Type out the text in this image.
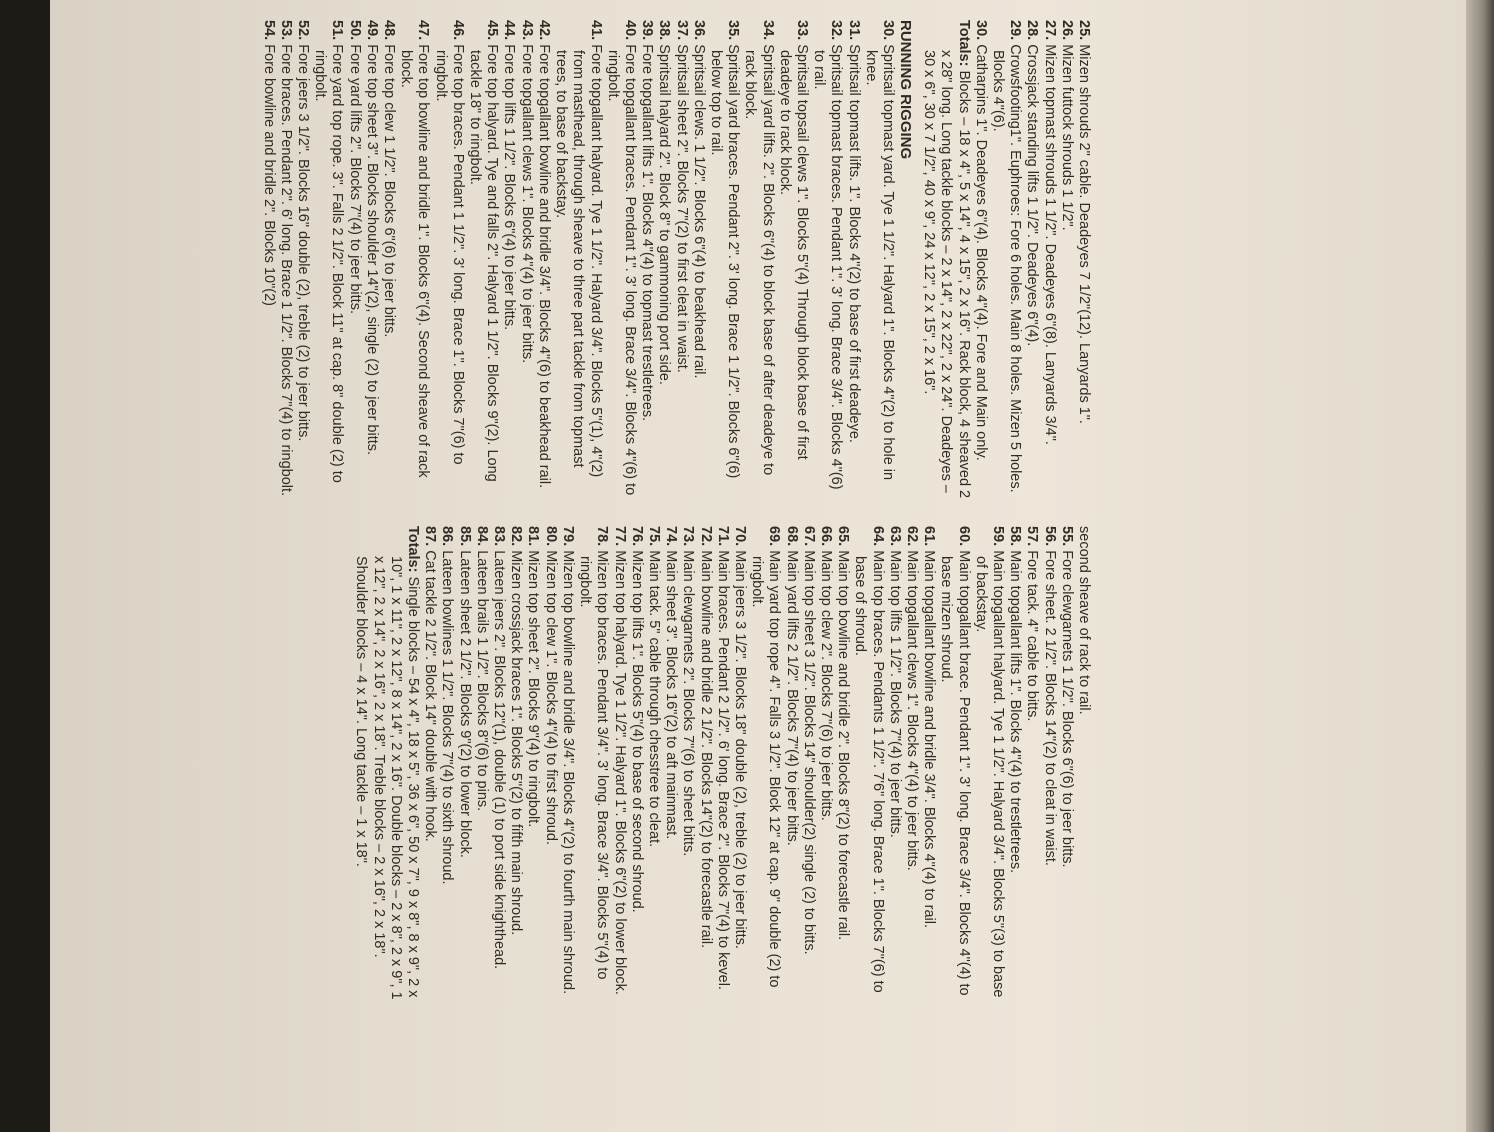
25. Mizen shrouds 2" cable. Deadeyes 7 1/2"(12). Lanyards 1".

26. Mizen futtock shrouds 1 1/2".

27. Mizen topmast shrouds 1 1/2". Deadeyes 6"(8). Lanyards 3/4".

28. Crossjack standing lifts 1 1/2". Deadeyes 6"(4).

29. Crowsfooting1". Euphroes: Fore 6 holes. Main 8 holes. Mizen 5 holes. Blocks 4"(6).

30. Catharpins 1". Deadeyes 6"(4). Blocks 4"(4). Fore and Main only.

Totals: Blocks – 18 x 4", 5 x 14", 4 x 15", 2 x 16". Rack block, 4 sheaved 2 x 28" long. Long tackle blocks – 2 x 14", 2 x 22", 2 x 24". Deadeyes – 30 x 6", 30 x 7 1/2", 40 x 9", 24 x 12", 2 x 15", 2 x 16".

RUNNING RIGGING

30. Spritsail topmast yard. Tye 1 1/2". Halyard 1". Blocks 4"(2) to hole in knee.

31. Spritsail topmast lifts. 1". Blocks 4"(2) to base of first deadeye.

32. Spritsail topmast braces. Pendant 1". 3' long. Brace 3/4". Blocks 4"(6) to rail.

33. Spritsail topsail clews 1". Blocks 5"(4) Through block base of first deadeye to rack block.

34. Spritsail yard lifts. 2". Blocks 6"(4) to block base of after deadeye to rack block.

35. Spritsail yard braces. Pendant 2". 3' long. Brace 1 1/2". Blocks 6"(6) below top to rail.

36. Spritsail clews. 1 1/2". Blocks 6"(4) to beakhead rail.

37. Spritsail sheet 2". Blocks 7"(2) to first cleat in waist.

38. Spritsail halyard 2". Block 8" to gammoning port side.

39. Fore topgallant lifts 1". Blocks 4"(4) to topmast trestletrees.

40. Fore topgallant braces. Pendant 1". 3' long. Brace 3/4". Blocks 4"(6) to ringbolt.

41. Fore topgallant halyard. Tye 1 1/2". Halyard 3/4". Blocks 5"(1), 4"(2) from masthead, through sheave to three part tackle from topmast trees, to base of backstay.

42. Fore topgallant bowline and bridle 3/4". Blocks 4"(6) to beakhead rail.

43. Fore topgallant clews 1". Blocks 4"(4) to jeer bitts.

44. Fore top lifts 1 1/2". Blocks 6"(4) to jeer bitts.

45. Fore top halyard. Tye and falls 2". Halyard 1 1/2". Blocks 9"(2). Long tackle 18" to ringbolt.

46. Fore top braces. Pendant 1 1/2". 3' long. Brace 1". Blocks 7"(6) to ringbolt.

47. Fore top bowline and bridle 1". Blocks 6"(4). Second sheave of rack block.

48. Fore top clew 1 1/2". Blocks 6"(6) to jeer bitts.

49. Fore top sheet 3". Blocks shoulder 14"(2), single (2) to jeer bitts.

50. Fore yard lifts 2". Blocks 7"(4) to jeer bitts.

51. Fore yard top rope. 3". Falls 2 1/2". Block 11" at cap. 8" double (2) to ringbolt.

52. Fore jeers 3 1/2". Blocks 16" double (2), treble (2) to jeer bitts.

53. Fore braces. Pendant 2". 6' long. Brace 1 1/2". Blocks 7"(4) to ringbolt.

54. Fore bowline and bridle 2". Blocks 10"(2)

second sheave of rack to rail.

55. Fore clewgarnets 1 1/2". Blocks 6"(6) to jeer bitts.

56. Fore sheet. 2 1/2". Blocks 14"(2) to cleat in waist.

57. Fore tack. 4" cable to bitts.

58. Main topgallant lifts 1". Blocks 4"(4) to trestletrees.

59. Main topgallant halyard. Tye 1 1/2". Halyard 3/4". Blocks 5"(3) to base of backstay.

60. Main topgallant brace. Pendant 1". 3' long. Brace 3/4". Blocks 4"(4) to base mizen shroud.

61. Main topgallant bowline and bridle 3/4". Blocks 4"(4) to rail.

62. Main topgallant clews 1". Blocks 4"(4) to jeer bitts.

63. Main top lifts 1 1/2". Blocks 7"(4) to jeer bitts.

64. Main top braces. Pendants 1 1/2". 7'6" long. Brace 1". Blocks 7"(6) to base of shroud.

65. Main top bowline and bridle 2". Blocks 8"(2) to forecastle rail.

66. Main top clew 2". Blocks 7"(6) to jeer bitts.

67. Main top sheet 3 1/2". Blocks 14" shoulder(2) single (2) to bitts.

68. Main yard lifts 2 1/2". Blocks 7"(4) to jeer bitts.

69. Main yard top rope 4". Falls 3 1/2". Block 12" at cap. 9" double (2) to ringbolt.

70. Main jeers 3 1/2". Blocks 18" double (2), treble (2) to jeer bitts.

71. Main braces. Pendant 2 1/2". 6' long. Brace 2". Blocks 7"(4) to kevel.

72. Main bowline and bridle 2 1/2". Blocks 14"(2) to forecastle rail.

73. Main clewgarnets 2". Blocks 7"(6) to sheet bitts.

74. Main sheet 3". Blocks 16"(2) to aft mainmast.

75. Main tack. 5" cable through chesstree to cleat.

76. Mizen top lifts 1". Blocks 5"(4) to base of second shroud.

77. Mizen top halyard. Tye 1 1/2". Halyard 1". Blocks 6"(2) to lower block.

78. Mizen top braces. Pendant 3/4". 3' long. Brace 3/4". Blocks 5"(4) to ringbolt.

79. Mizen top bowline and bridle 3/4". Blocks 4"(2) to fourth main shroud.

80. Mizen top clew 1". Blocks 4"(4) to first shroud.

81. Mizen top sheet 2". Blocks 9"(4) to ringbolt.

82. Mizen crossjack braces 1". Blocks 5"(2) to fifth main shroud.

83. Lateen jeers 2". Blocks 12"(1), double (1) to port side knighthead.

84. Lateen brails 1 1/2". Blocks 8"(6) to pins.

85. Lateen sheet 2 1/2". Blocks 9"(2) to lower block.

86. Lateen bowlines 1 1/2". Blocks 7"(4) to sixth shroud.

87. Cat tackle 2 1/2". Block 14" double with hook.

Totals: Single blocks – 54 x 4", 18 x 5", 36 x 6", 50 x 7", 9 x 8", 8 x 9", 2 x 10", 1 x 11", 2 x 12", 8 x 14", 2 x 16". Double blocks – 2 x 8", 2 x 9", 1 x 12", 2 x 14", 2 x 16", 2 x 18". Treble blocks – 2 x 16", 2 x 18". Shoulder blocks – 4 x 14". Long tackle – 1 x 18".
